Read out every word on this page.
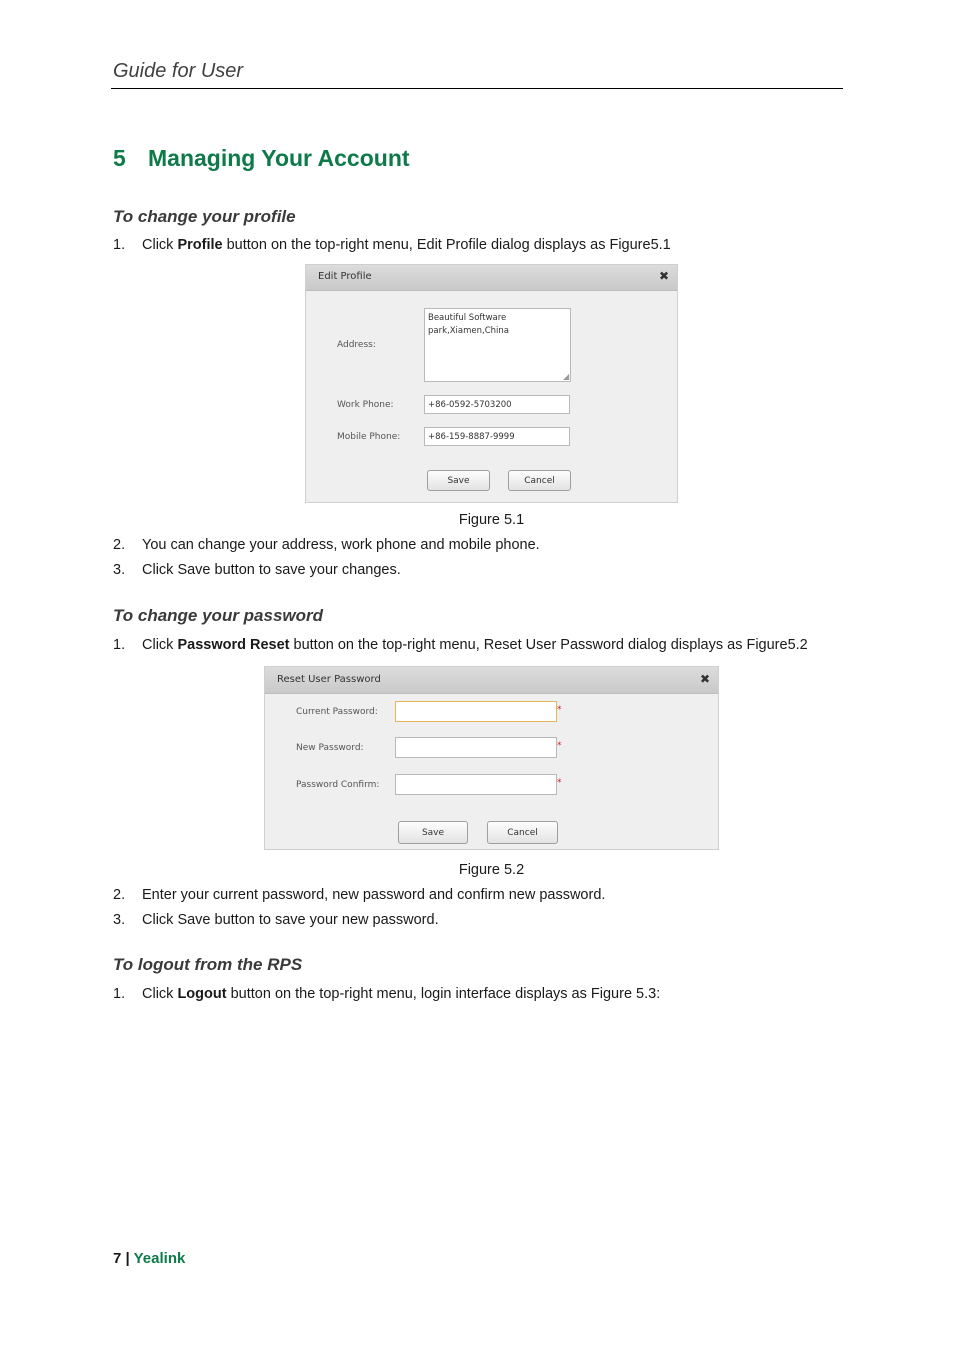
Guide for User
5 Managing Your Account
To change your profile
1. Click Profile button on the top-right menu, Edit Profile dialog displays as Figure5.1
Edit Profile	✖
Address:
Beautiful Software park,Xiamen,China
◢
Work Phone:
+86-0592-5703200
Mobile Phone:
+86-159-8887-9999
Save	Cancel
Figure 5.1
2. You can change your address, work phone and mobile phone.
3. Click Save button to save your changes.
To change your password
1. Click Password Reset button on the top-right menu, Reset User Password dialog displays as Figure5.2
Reset User Password	✖
Current Password:	*
New Password:	*
Password Confirm:	*
Save	Cancel
Figure 5.2
2. Enter your current password, new password and confirm new password.
3. Click Save button to save your new password.
To logout from the RPS
1. Click Logout button on the top-right menu, login interface displays as Figure 5.3:
7 | Yealink
